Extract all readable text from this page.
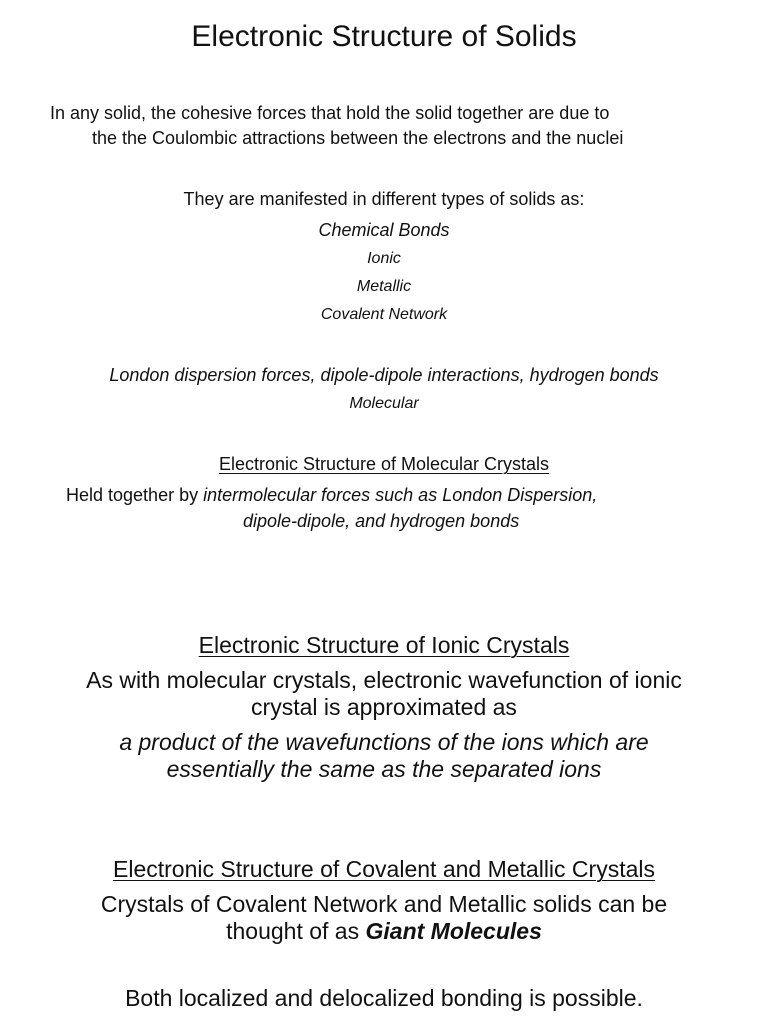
Electronic Structure of Solids
In any solid, the cohesive forces that hold the solid together are due to
the the Coulombic attractions between the electrons and the nuclei
They are manifested in different types of solids as:
Chemical Bonds
Ionic
Metallic
Covalent Network
London dispersion forces, dipole-dipole interactions, hydrogen bonds
Molecular
Electronic Structure of Molecular Crystals
Held together by intermolecular forces such as London Dispersion,
dipole-dipole, and hydrogen bonds
Electronic Structure of Ionic Crystals
As with molecular crystals, electronic wavefunction of ionic
crystal is approximated as
a product of the wavefunctions of the ions which are
essentially the same as the separated ions
Electronic Structure of Covalent and Metallic Crystals
Crystals of Covalent Network and Metallic solids can be
thought of as Giant Molecules
Both localized and delocalized bonding is possible.
